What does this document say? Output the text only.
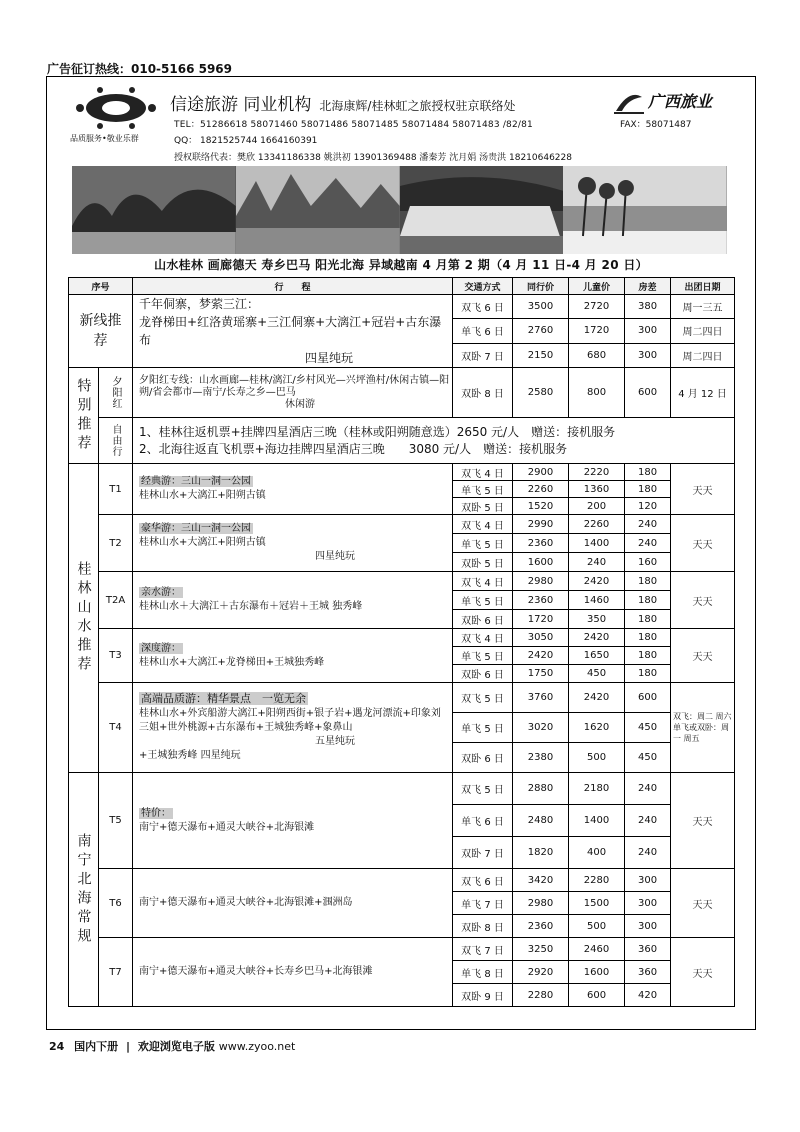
广告征订热线：010-5166 5969
品质服务•敬业乐群
信途旅游 同业机构 北海康辉/桂林虹之旅授权驻京联络处
TEL：51286618 58071460 58071486 58071485 58071484 58071483 /82/81	FAX：58071487
QQ： 1821525744 1664160391
授权联络代表：樊欣 13341186338 姚洪初 13901369488 潘秦芳 沈月娟 汤贵洪 18210646228
广西旅业
山水桂林 画廊德天 寿乡巴马 阳光北海 异域越南 4 月第 2 期（4 月 11 日-4 月 20 日）
序号		行　　程	交通方式	同行价	儿童价	房差	出团日期

新线推荐		千年侗寨，梦萦三江：
龙脊梯田+红洛黄瑶寨+三江侗寨+大漓江+冠岩+古东瀑布
四星纯玩	双飞 6 日	3500	2720	380	周一三五
			单飞 6 日	2760	1720	300	周二四日
			双卧 7 日	2150	680	300	周二四日

特别推荐	夕阳红	夕阳红专线：山水画廊—桂林/漓江/乡村风光—兴坪渔村/休闲古镇—阳朔/省会都市—南宁/长寿之乡—巴马
休闲游	双卧 8 日	2580	800	600	4 月 12 日

	自由行	1、桂林往返机票+挂牌四星酒店三晚（桂林或阳朔随意选）2650 元/人　赠送：接机服务
2、北海往返直飞机票+海边挂牌四星酒店三晚　　3080 元/人　赠送：接机服务					

桂林山水推荐	T1	经典游：三山一洞一公园
桂林山水+大漓江+阳朔古镇	双飞 4 日	2900	2220	180	天天
			单飞 5 日	2260	1360	180	
			双卧 5 日	1520	200	120	
	T2	豪华游：三山一洞一公园
桂林山水+大漓江+阳朔古镇
四星纯玩	双飞 4 日	2990	2260	240	天天
			单飞 5 日	2360	1400	240	
			双卧 5 日	1600	240	160	
	T2A	亲水游：
桂林山水＋大漓江＋古东瀑布＋冠岩＋王城 独秀峰	双飞 4 日	2980	2420	180	天天
			单飞 5 日	2360	1460	180	
			双卧 6 日	1720	350	180	
	T3	深度游：
桂林山水+大漓江+龙脊梯田+王城独秀峰	双飞 4 日	3050	2420	180	天天
			单飞 5 日	2420	1650	180	
			双卧 6 日	1750	450	180	
	T4	高端品质游：精华景点　一览无余
桂林山水+外宾船游大漓江+阳朔西街+银子岩+遇龙河漂流+印象刘三姐+世外桃源+古东瀑布+王城独秀峰+象鼻山
五星纯玩
+王城独秀峰 四星纯玩	双飞 5 日	3760	2420	600	双飞：周二 周六 单飞或双卧：周一 周五
			单飞 5 日	3020	1620	450	
			双卧 6 日	2380	500	450	

南宁北海常规	T5	特价：
南宁+德天瀑布+通灵大峡谷+北海银滩	双飞 5 日	2880	2180	240	天天
			单飞 6 日	2480	1400	240	
			双卧 7 日	1820	400	240	
	T6	南宁+德天瀑布+通灵大峡谷+北海银滩+涠洲岛	双飞 6 日	3420	2280	300	天天
			单飞 7 日	2980	1500	300	
			双卧 8 日	2360	500	300	
	T7	南宁+德天瀑布+通灵大峡谷+长寿乡巴马+北海银滩	双飞 7 日	3250	2460	360	天天
			单飞 8 日	2920	1600	360	
			双卧 9 日	2280	600	420	
24 国内下册 | 欢迎浏览电子版 www.zyoo.net
